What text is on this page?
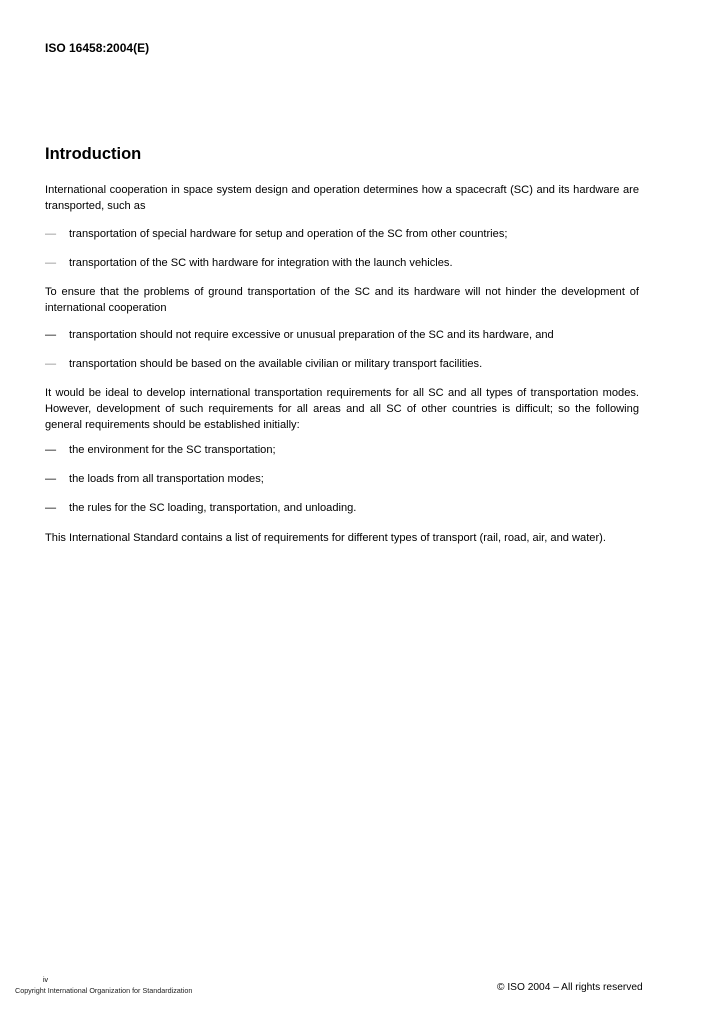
ISO 16458:2004(E)
Introduction

International cooperation in space system design and operation determines how a spacecraft (SC) and its hardware are transported, such as

—	transportation of special hardware for setup and operation of the SC from other countries;
—	transportation of the SC with hardware for integration with the launch vehicles.

To ensure that the problems of ground transportation of the SC and its hardware will not hinder the development of international cooperation

—	transportation should not require excessive or unusual preparation of the SC and its hardware, and
—	transportation should be based on the available civilian or military transport facilities.

It would be ideal to develop international transportation requirements for all SC and all types of transportation modes. However, development of such requirements for all areas and all SC of other countries is difficult; so the following general requirements should be established initially:

—	the environment for the SC transportation;
—	the loads from all transportation modes;
—	the rules for the SC loading, transportation, and unloading.

This International Standard contains a list of requirements for different types of transport (rail, road, air, and water).

iv
Copyright International Organization for Standardization	© ISO 2004 – All rights reserved
